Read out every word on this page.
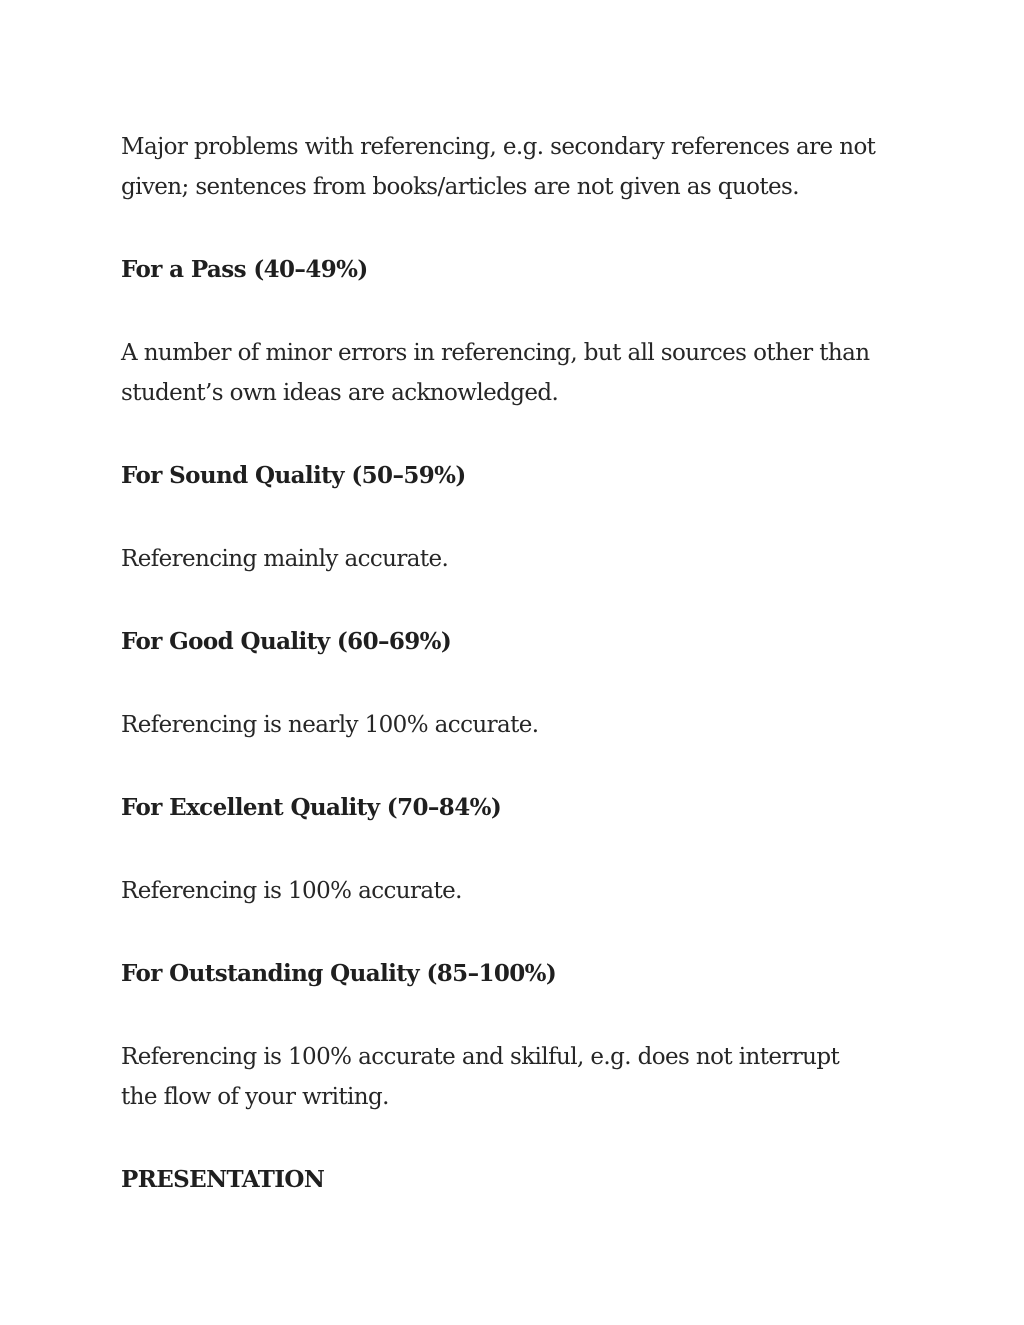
Major problems with referencing, e.g. secondary references are not given; sentences from books/articles are not given as quotes.

For a Pass (40–49%)

A number of minor errors in referencing, but all sources other than student’s own ideas are acknowledged.

For Sound Quality (50–59%)

Referencing mainly accurate.

For Good Quality (60–69%)

Referencing is nearly 100% accurate.

For Excellent Quality (70–84%)

Referencing is 100% accurate.

For Outstanding Quality (85–100%)

Referencing is 100% accurate and skilful, e.g. does not interrupt the flow of your writing.

PRESENTATION
